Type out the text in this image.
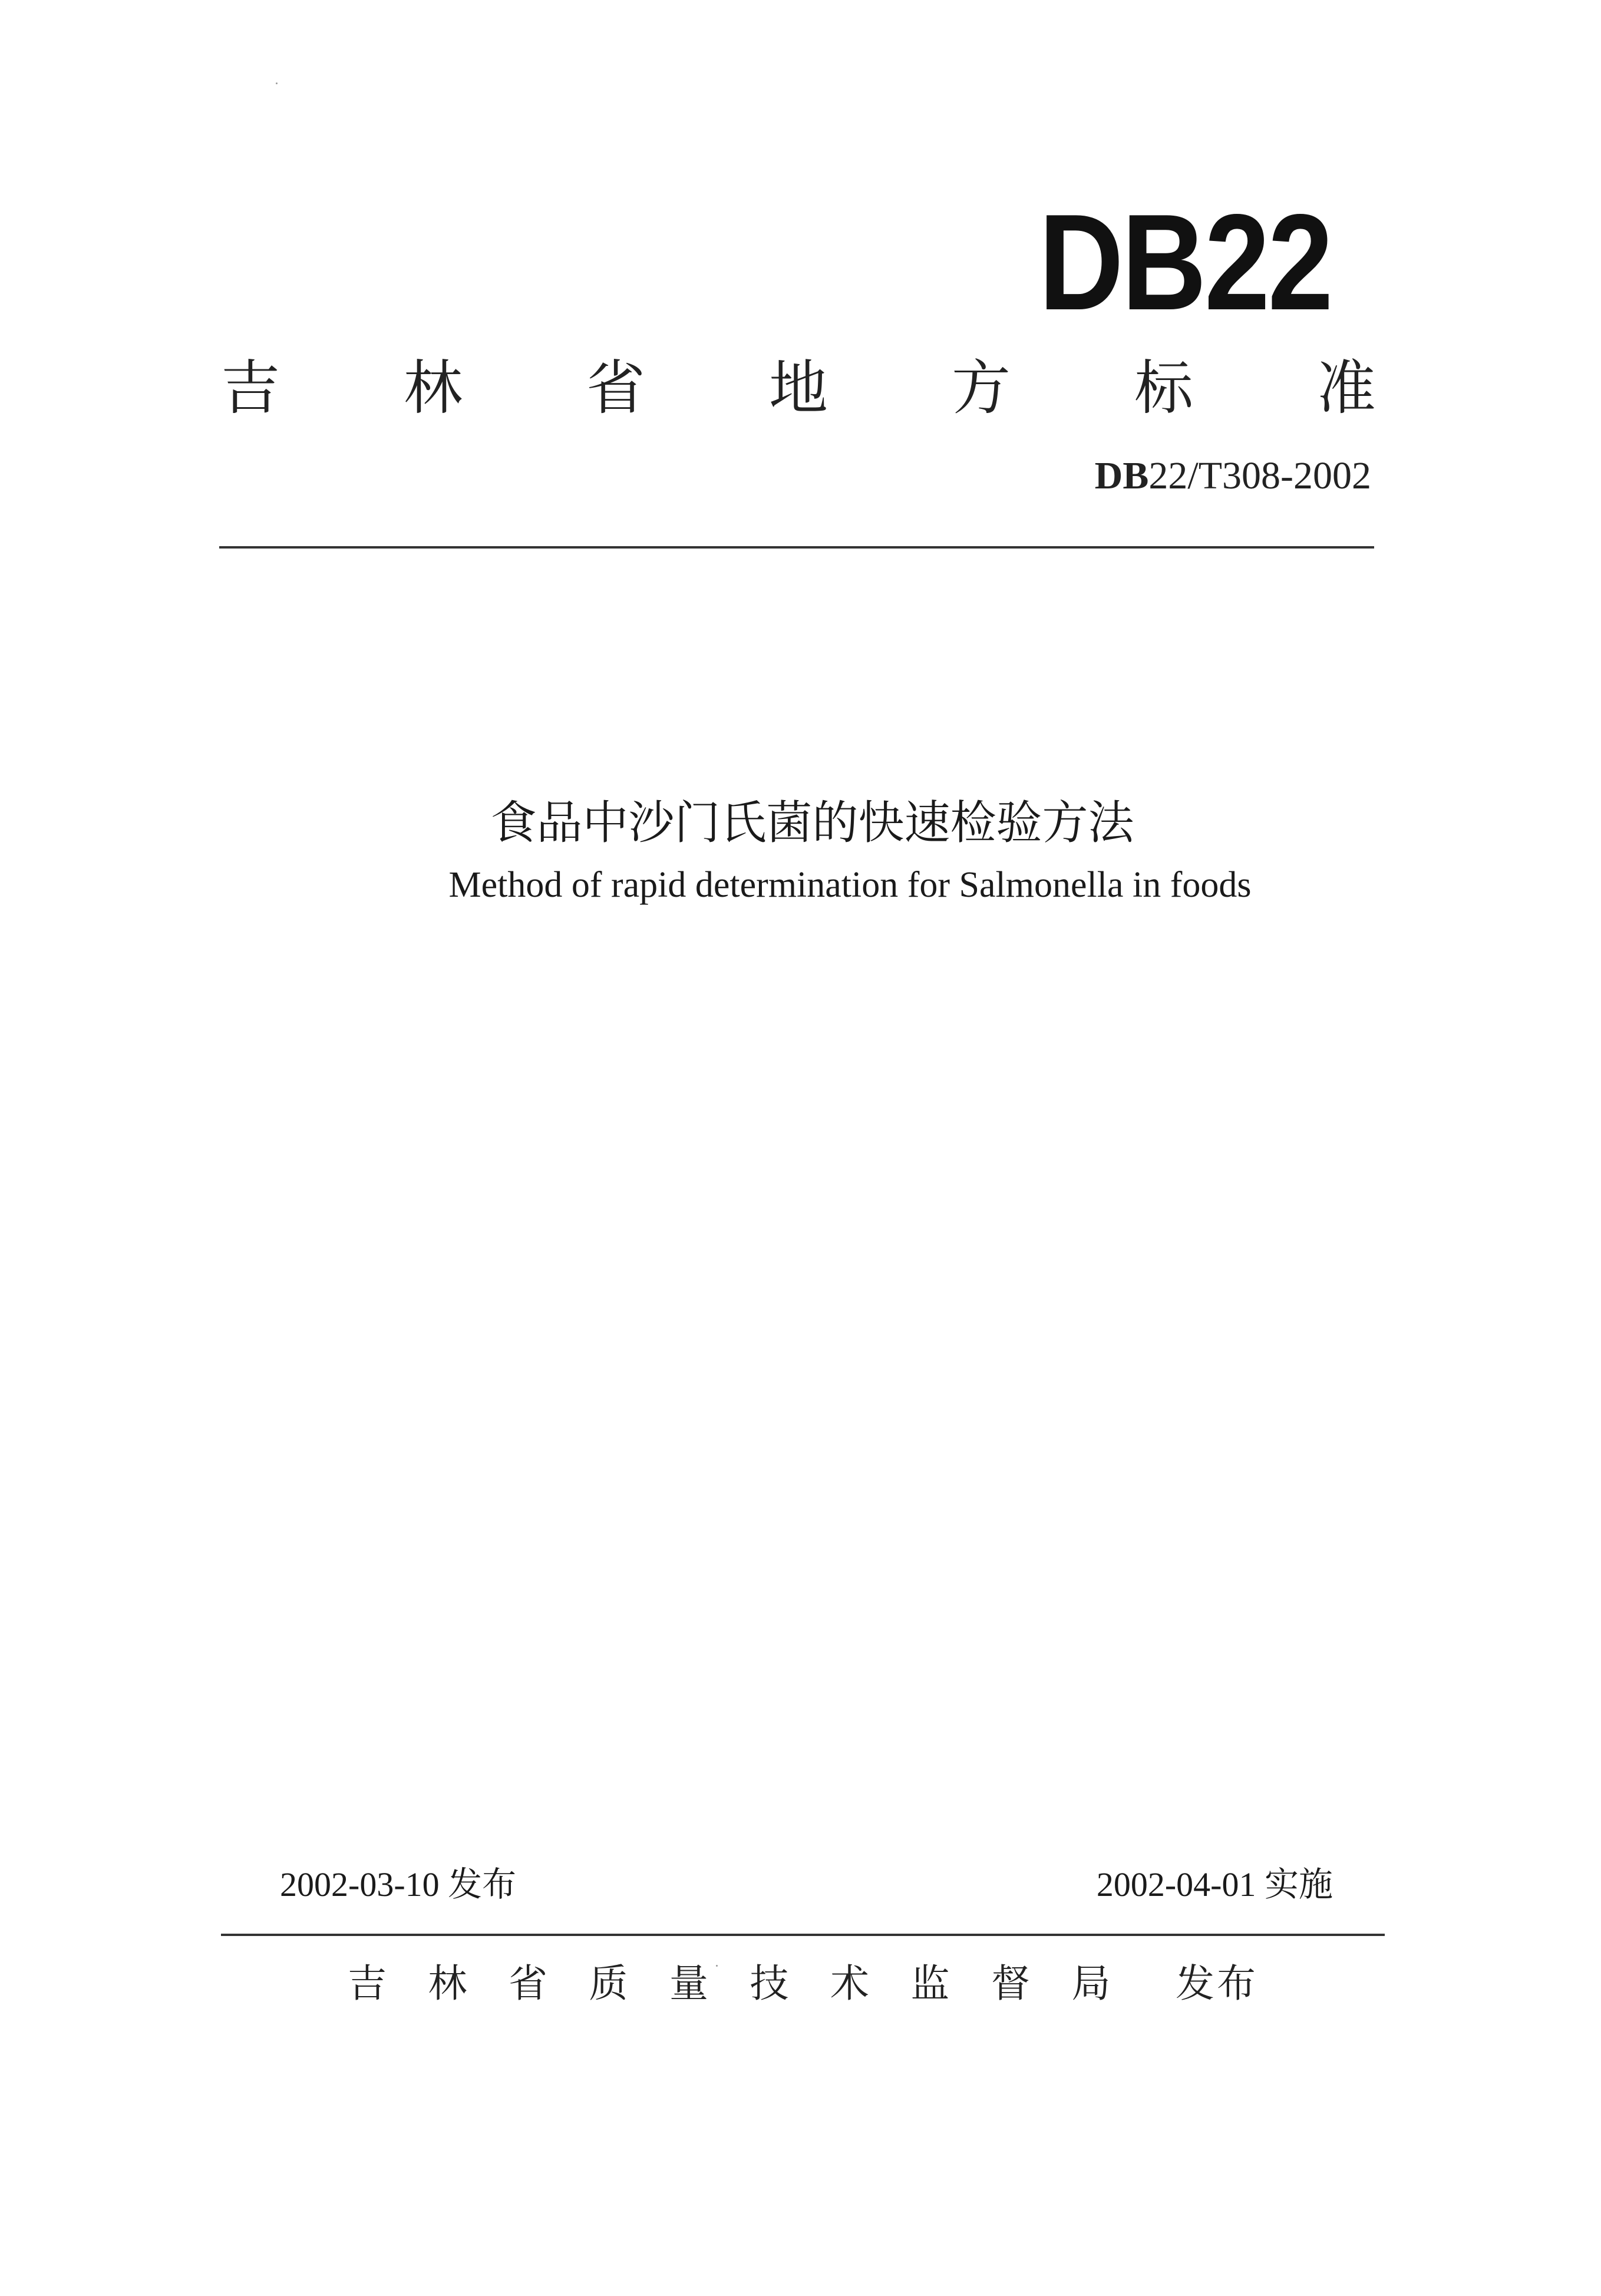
DB22
吉 林 省 地 方 标 准
DB22/T308-2002
食品中沙门氏菌的快速检验方法
Method of rapid determination for Salmonella in foods
2002-03-10 发布	2002-04-01 实施
吉 林 省 质 量 技 术 监 督 局 发布
